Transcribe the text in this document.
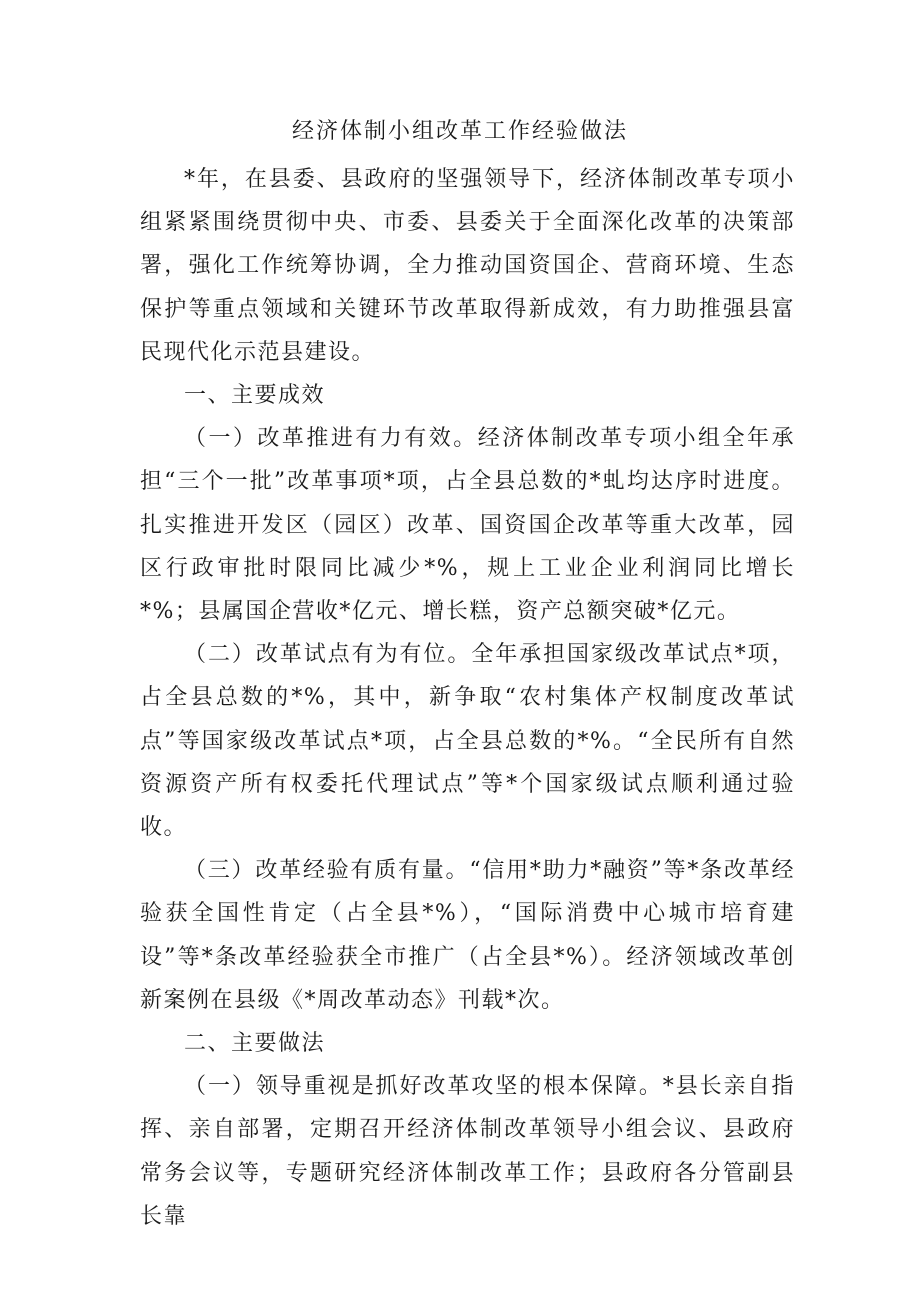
经济体制小组改革工作经验做法

*年，在县委、县政府的坚强领导下，经济体制改革专项小组紧紧围绕贯彻中央、市委、县委关于全面深化改革的决策部署，强化工作统筹协调，全力推动国资国企、营商环境、生态保护等重点领域和关键环节改革取得新成效，有力助推强县富民现代化示范县建设。

一、主要成效

（一）改革推进有力有效。经济体制改革专项小组全年承担“三个一批”改革事项*项，占全县总数的*虬均达序时进度。扎实推进开发区（园区）改革、国资国企改革等重大改革，园区行政审批时限同比减少*%，规上工业企业利润同比增长*%；县属国企营收*亿元、增长糕，资产总额突破*亿元。

（二）改革试点有为有位。全年承担国家级改革试点*项，占全县总数的*%，其中，新争取“农村集体产权制度改革试点”等国家级改革试点*项，占全县总数的*%。“全民所有自然资源资产所有权委托代理试点”等*个国家级试点顺利通过验收。

（三）改革经验有质有量。“信用*助力*融资”等*条改革经验获全国性肯定（占全县*%），“国际消费中心城市培育建设”等*条改革经验获全市推广（占全县*%）。经济领域改革创新案例在县级《*周改革动态》刊载*次。

二、主要做法

（一）领导重视是抓好改革攻坚的根本保障。*县长亲自指挥、亲自部署，定期召开经济体制改革领导小组会议、县政府常务会议等，专题研究经济体制改革工作；县政府各分管副县长靠
